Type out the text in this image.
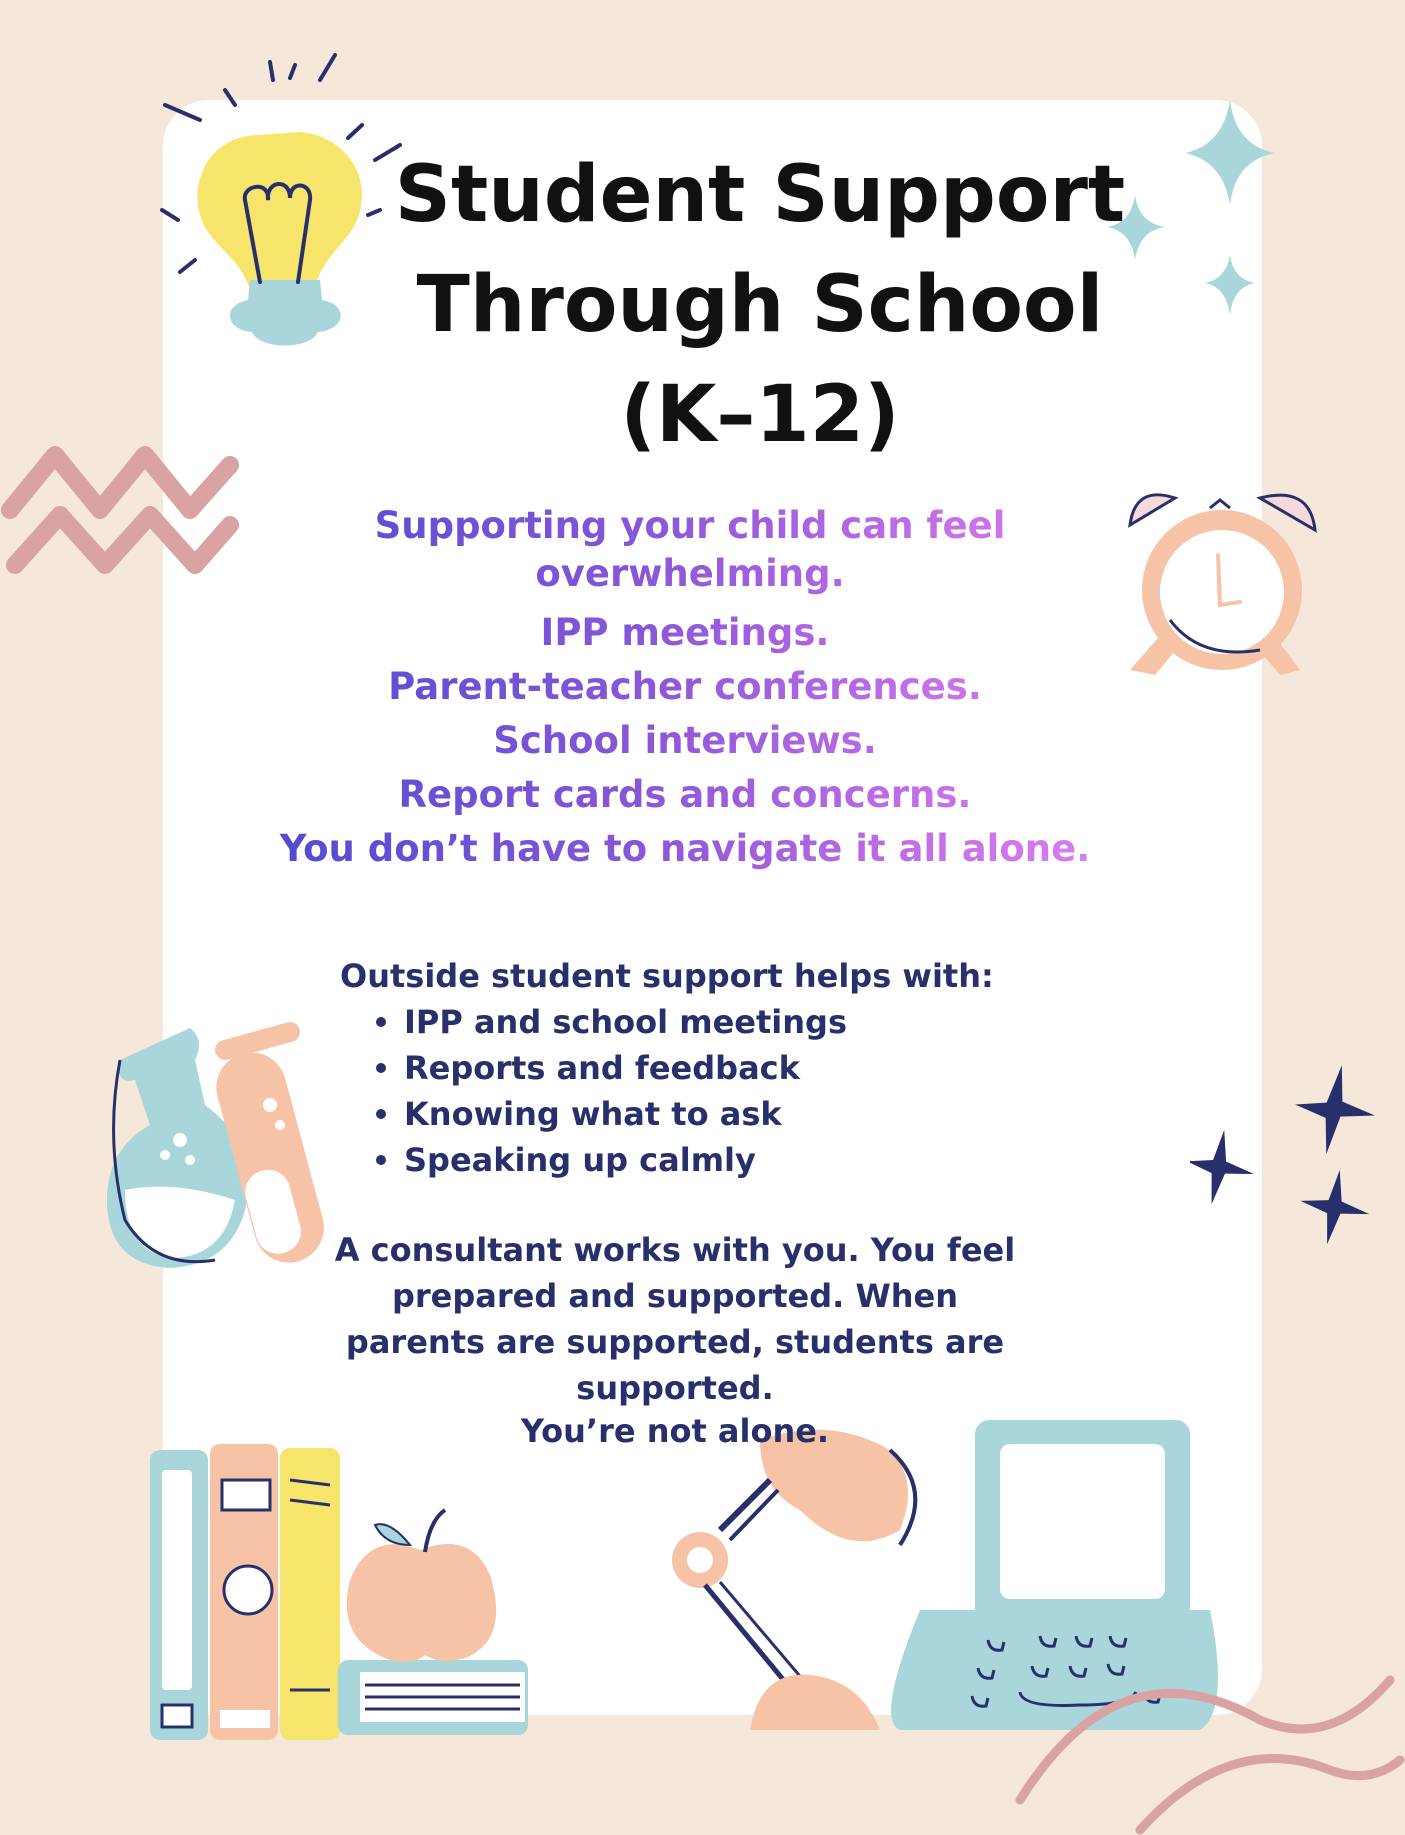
Student Support
Through School
(K–12)
Supporting your child can feel overwhelming.
IPP meetings.
Parent-teacher conferences.
School interviews.
Report cards and concerns.
You don’t have to navigate it all alone.
Outside student support helps with:
IPP and school meetings
Reports and feedback
Knowing what to ask
Speaking up calmly
A consultant works with you. You feel prepared and supported. When parents are supported, students are supported.
You’re not alone.
